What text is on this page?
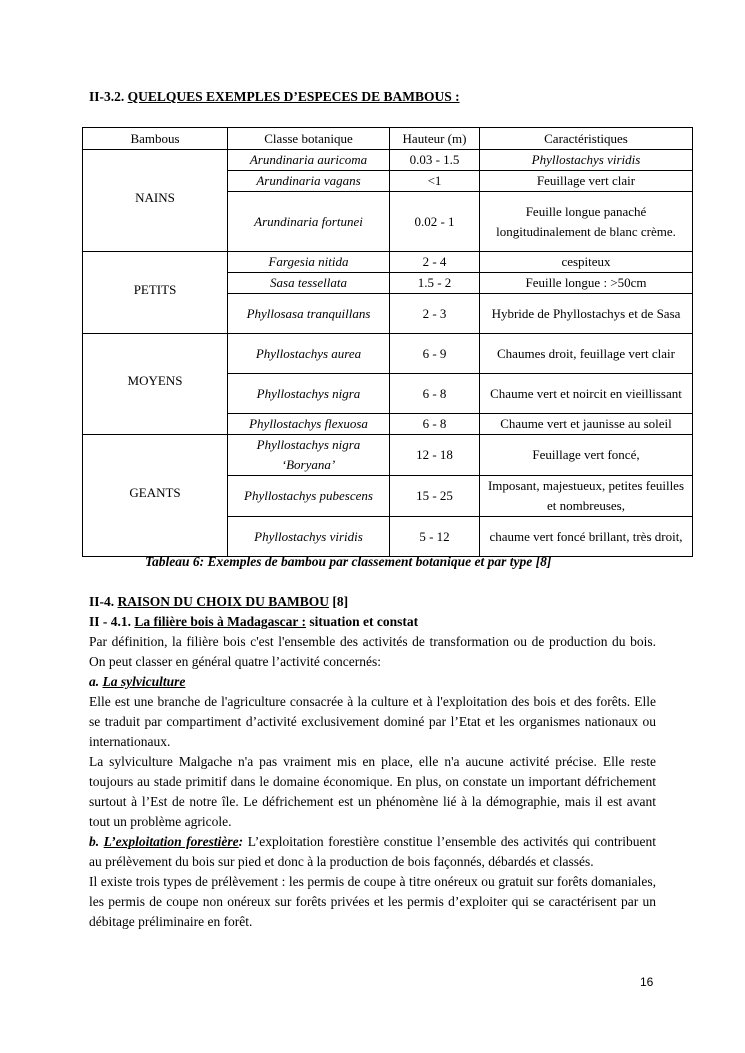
II-3.2. QUELQUES EXEMPLES D’ESPECES DE BAMBOUS :
Bambous	Classe botanique	Hauteur (m)	Caractéristiques
NAINS	Arundinaria auricoma	0.03 - 1.5	Phyllostachys viridis
	Arundinaria vagans	<1	Feuillage vert clair
	Arundinaria fortunei	0.02 - 1	Feuille longue panaché longitudinalement de blanc crème.
PETITS	Fargesia nitida	2 - 4	cespiteux
	Sasa tessellata	1.5 - 2	Feuille longue : >50cm
	Phyllosasa tranquillans	2 - 3	Hybride de Phyllostachys et de Sasa
MOYENS	Phyllostachys aurea	6 - 9	Chaumes droit, feuillage vert clair
	Phyllostachys nigra	6 - 8	Chaume vert et noircit en vieillissant
	Phyllostachys flexuosa	6 - 8	Chaume vert et jaunisse au soleil
GEANTS	Phyllostachys nigra ‘Boryana’	12 - 18	Feuillage vert foncé,
	Phyllostachys pubescens	15 - 25	Imposant, majestueux, petites feuilles et nombreuses,
	Phyllostachys viridis	5 - 12	chaume vert foncé brillant, très droit,
Tableau 6: Exemples de bambou par classement botanique et par type [8]

II-4. RAISON DU CHOIX DU BAMBOU [8]

II - 4.1. La filière bois à Madagascar : situation et constat

Par définition, la filière bois c'est l'ensemble des activités de transformation ou de production du bois. On peut classer en général quatre l’activité concernés:

a. La sylviculture

Elle est une branche de l'agriculture consacrée à la culture et à l'exploitation des bois et des forêts. Elle se traduit par compartiment d’activité exclusivement dominé par l’Etat et les organismes nationaux ou internationaux.

La sylviculture Malgache n'a pas vraiment mis en place, elle n'a aucune activité précise. Elle reste toujours au stade primitif dans le domaine économique. En plus, on constate un important défrichement surtout à l’Est de notre île. Le défrichement est un phénomène lié à la démographie, mais il est avant tout un problème agricole.

b. L’exploitation forestière: L’exploitation forestière constitue l’ensemble des activités qui contribuent au prélèvement du bois sur pied et donc à la production de bois façonnés, débardés et classés.

Il existe trois types de prélèvement : les permis de coupe à titre onéreux ou gratuit sur forêts domaniales, les permis de coupe non onéreux sur forêts privées et les permis d’exploiter qui se caractérisent par un débitage préliminaire en forêt.

16
